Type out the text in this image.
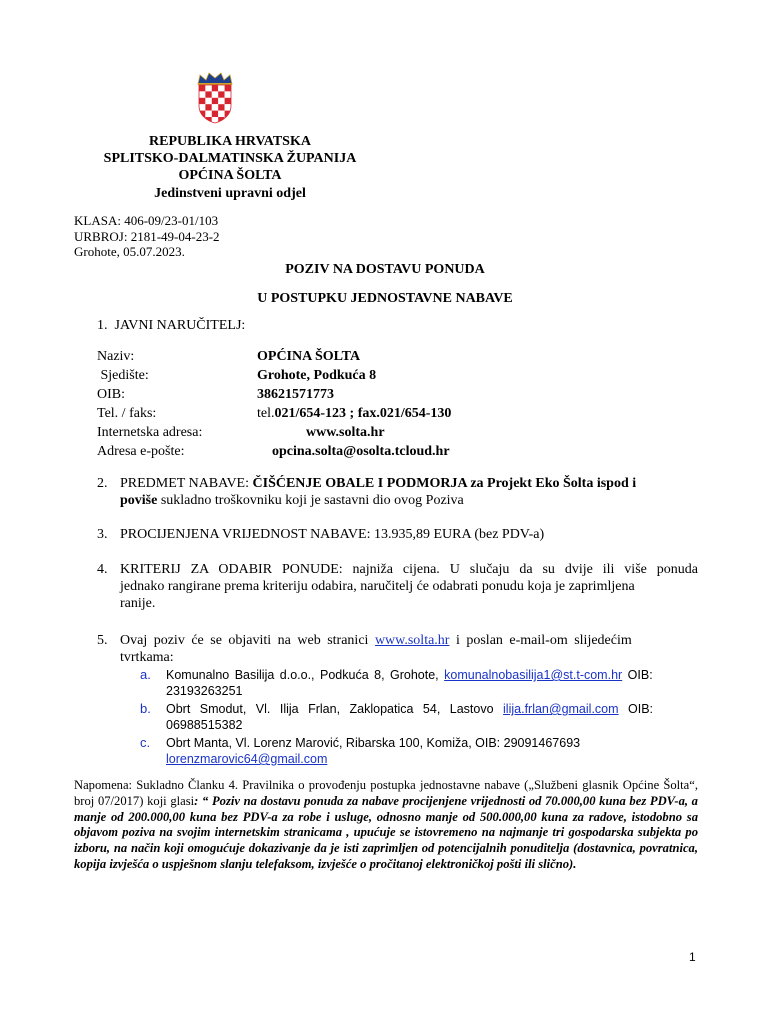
REPUBLIKA HRVATSKA
SPLITSKO-DALMATINSKA ŽUPANIJA
OPĆINA ŠOLTA
Jedinstveni upravni odjel
KLASA: 406-09/23-01/103
URBROJ: 2181-49-04-23-2
Grohote, 05.07.2023.
POZIV NA DOSTAVU PONUDA
U POSTUPKU JEDNOSTAVNE NABAVE
1.  JAVNI NARUČITELJ:
Naziv:	OPĆINA ŠOLTA
Sjedište:	Grohote, Podkuća 8
OIB:	38621571773
Tel. / faks:	tel.021/654-123 ; fax.021/654-130
Internetska adresa:	www.solta.hr
Adresa e-pošte:	opcina.solta@osolta.tcloud.hr
2. PREDMET NABAVE: ČIŠĆENJE OBALE I PODMORJA za Projekt Eko Šolta ispod i
poviše sukladno troškovniku koji je sastavni dio ovog Poziva
3. PROCIJENJENA VRIJEDNOST NABAVE: 13.935,89 EURA (bez PDV-a)
4. KRITERIJ ZA ODABIR PONUDE: najniža cijena. U slučaju da su dvije ili više ponuda
jednako rangirane prema kriteriju odabira, naručitelj će odabrati ponudu koja je zaprimljena
ranije.
5. Ovaj poziv će se objaviti na web stranici www.solta.hr i poslan e-mail-om slijedećim
tvrtkama:
a. Komunalno Basilija d.o.o., Podkuća 8, Grohote, komunalnobasilija1@st.t-com.hr OIB:
23193263251
b. Obrt Smodut, Vl. Ilija Frlan, Zaklopatica 54, Lastovo ilija.frlan@gmail.com OIB:
06988515382
c. Obrt Manta, Vl. Lorenz Marović, Ribarska 100, Komiža, OIB: 29091467693
lorenzmarovic64@gmail.com
Napomena: Sukladno Članku 4. Pravilnika o provođenju postupka jednostavne nabave („Službeni glasnik Općine Šolta“, broj 07/2017) koji glasi: “ Poziv na dostavu ponuda za nabave procijenjene vrijednosti od 70.000,00 kuna bez PDV-a, a manje od 200.000,00 kuna bez PDV-a za robe i usluge, odnosno manje od 500.000,00 kuna za radove, istodobno sa objavom poziva na svojim internetskim stranicama , upućuje se istovremeno na najmanje tri gospodarska subjekta po izboru, na način koji omogućuje dokazivanje da je isti zaprimljen od potencijalnih ponuditelja (dostavnica, povratnica, kopija izvješća o uspješnom slanju telefaksom, izvješće o pročitanoj elektroničkoj pošti ili slično).
1
